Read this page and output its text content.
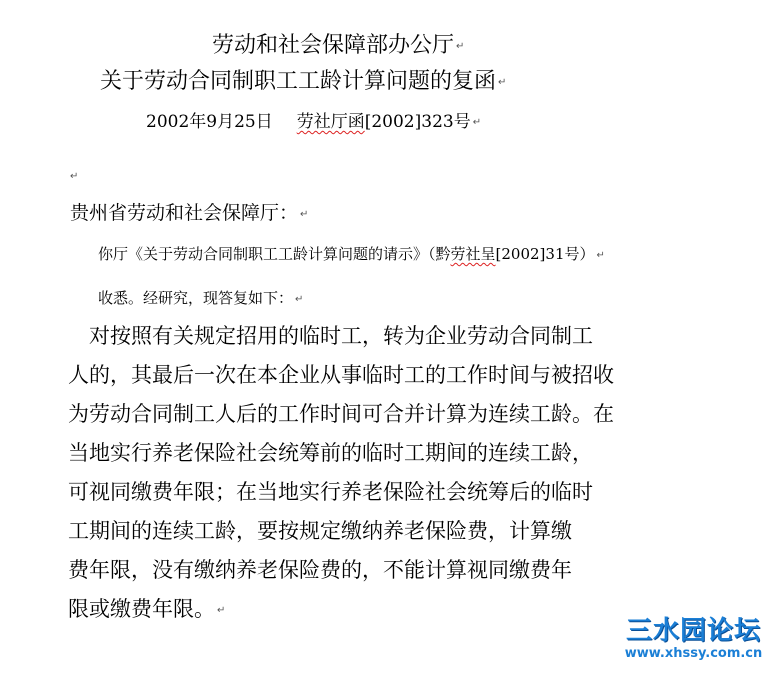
劳动和社会保障部办公厅 ↵
关于劳动合同制职工工龄计算问题的复函 ↵
2002年9月25日 劳社厅函[2002]323号 ↵
↵
贵州省劳动和社会保障厅： ↵
你厅《关于劳动合同制职工工龄计算问题的请示》（黔劳社呈[2002]31号） ↵
收悉。经研究，现答复如下： ↵
　对按照有关规定招用的临时工，转为企业劳动合同制工
人的，其最后一次在本企业从事临时工的工作时间与被招收
为劳动合同制工人后的工作时间可合并计算为连续工龄。在
当地实行养老保险社会统筹前的临时工期间的连续工龄，
可视同缴费年限；在当地实行养老保险社会统筹后的临时
工期间的连续工龄，要按规定缴纳养老保险费，计算缴
费年限，没有缴纳养老保险费的，不能计算视同缴费年
限或缴费年限。 ↵
三水园论坛
www.xhssy.com.cn
